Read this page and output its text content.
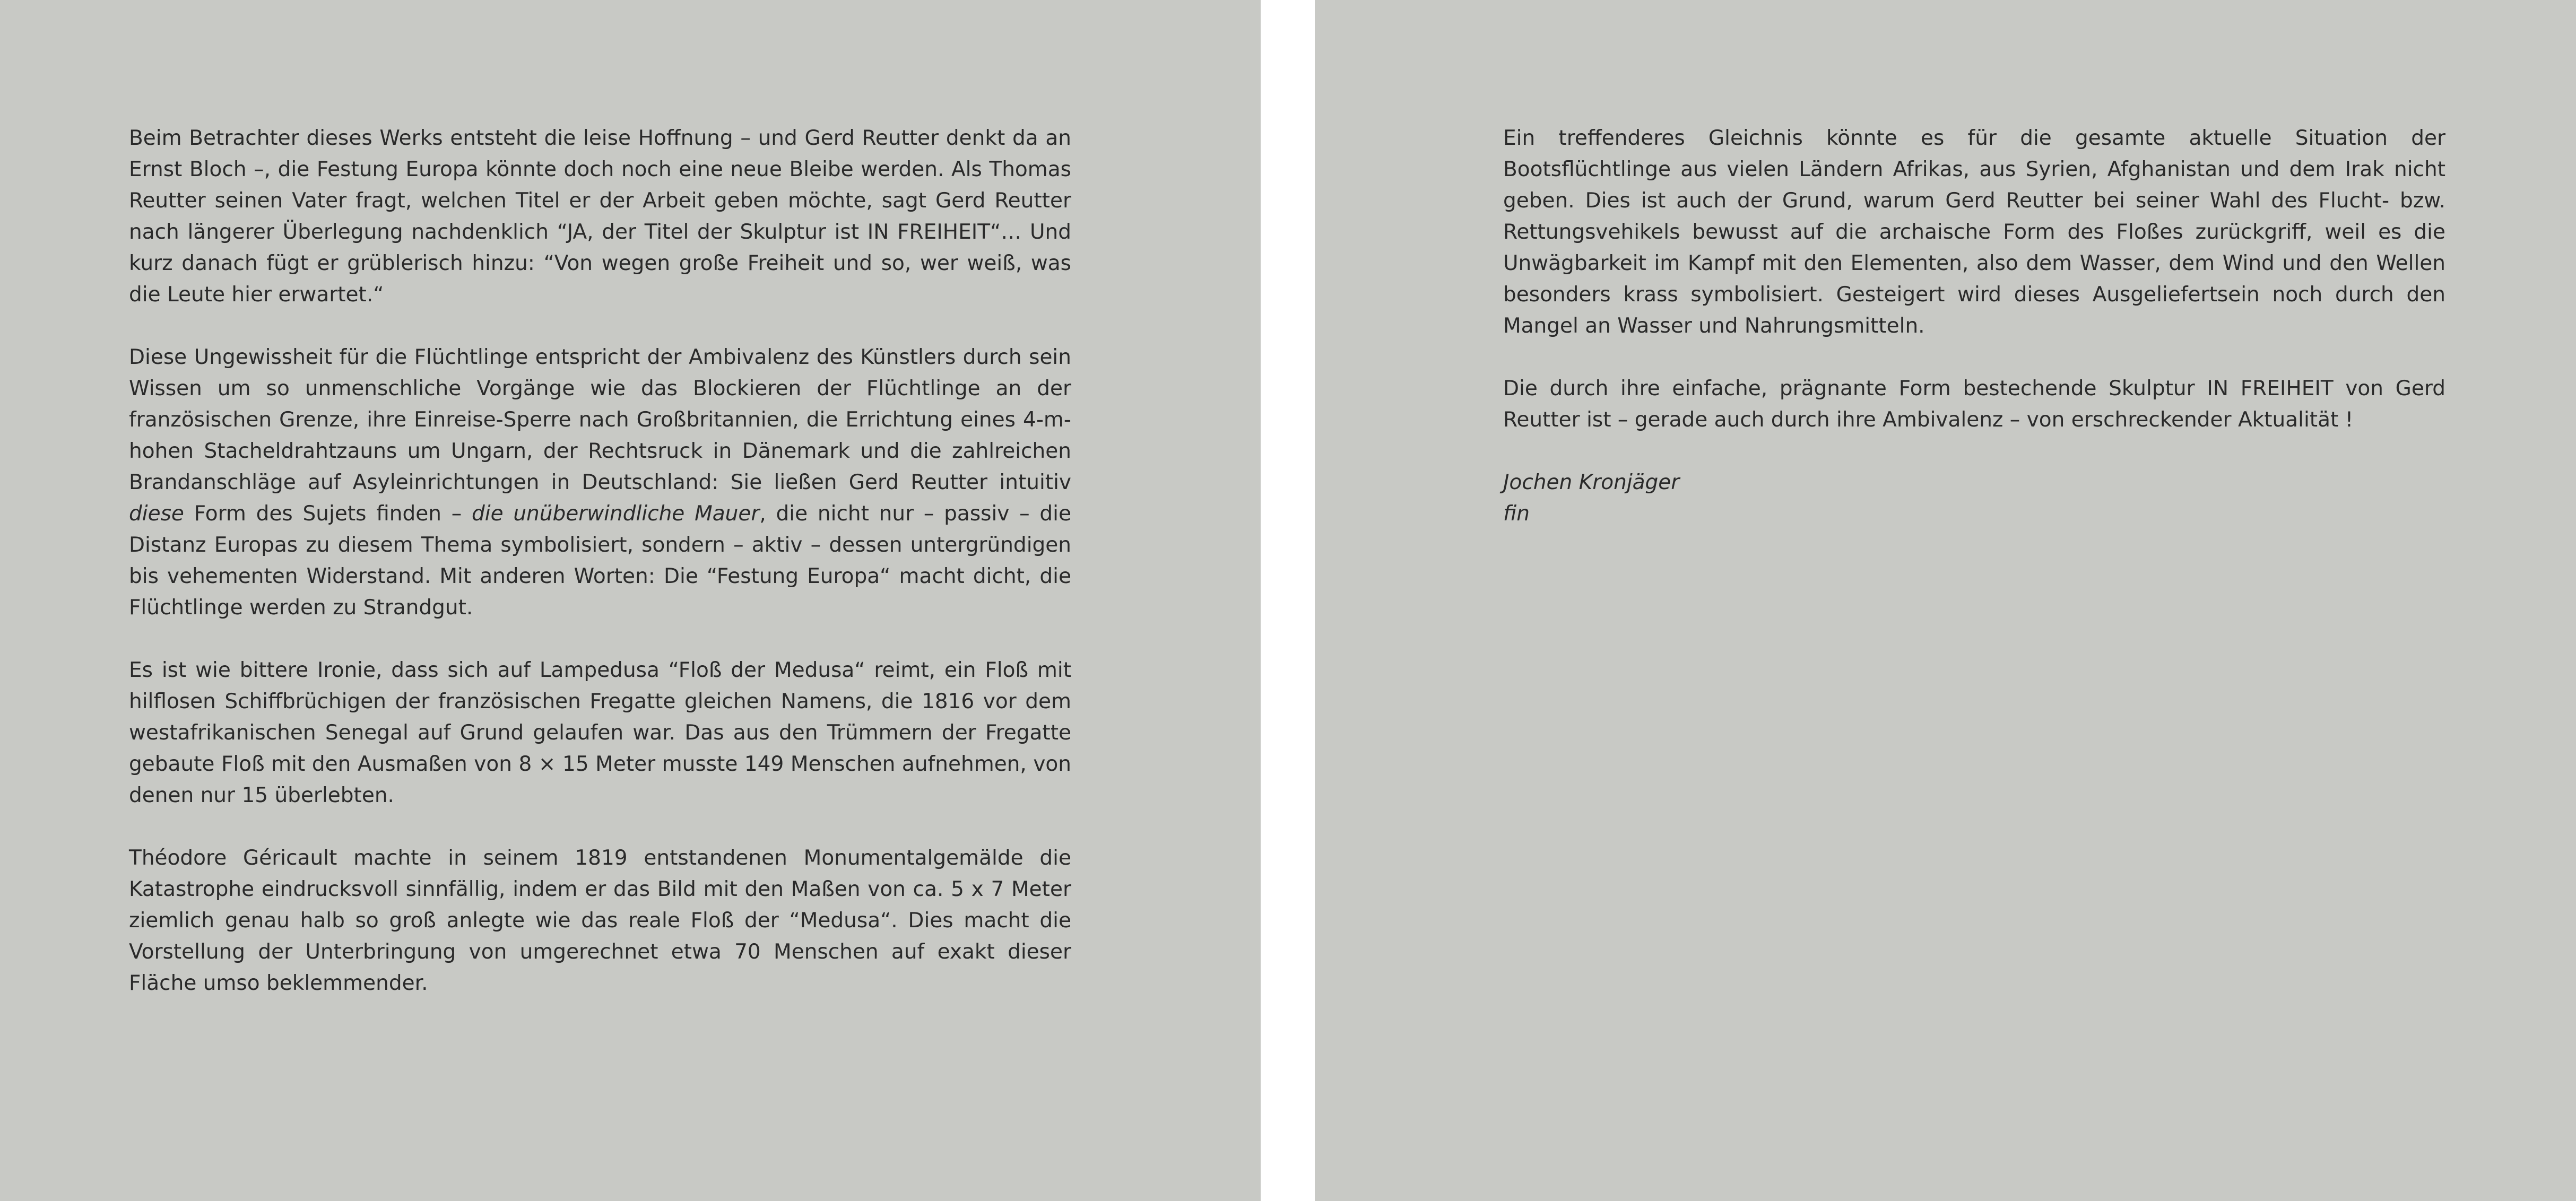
Beim Betrachter dieses Werks entsteht die leise Hoffnung – und Gerd Reutter denkt da an Ernst Bloch –, die Festung Europa könnte doch noch eine neue Bleibe werden. Als Thomas Reutter seinen Vater fragt, welchen Titel er der Arbeit geben möchte, sagt Gerd Reutter nach längerer Überlegung nachdenklich “JA, der Titel der Skulptur ist IN FREIHEIT“… Und kurz danach fügt er grüblerisch hinzu: “Von wegen große Freiheit und so, wer weiß, was die Leute hier erwartet.“

Diese Ungewissheit für die Flüchtlinge entspricht der Ambivalenz des Künstlers durch sein Wissen um so unmenschliche Vorgänge wie das Blockieren der Flüchtlinge an der französischen Grenze, ihre Einreise-Sperre nach Großbritannien, die Errichtung eines 4-m-hohen Stacheldrahtzauns um Ungarn, der Rechtsruck in Dänemark und die zahlreichen Brandanschläge auf Asyleinrichtungen in Deutschland: Sie ließen Gerd Reutter intuitiv diese Form des Sujets finden – die unüberwindliche Mauer, die nicht nur – passiv – die Distanz Europas zu diesem Thema symbolisiert, sondern – aktiv – dessen untergründigen bis vehementen Widerstand. Mit anderen Worten: Die “Festung Europa“ macht dicht, die Flüchtlinge werden zu Strandgut.

Es ist wie bittere Ironie, dass sich auf Lampedusa “Floß der Medusa“ reimt, ein Floß mit hilflosen Schiffbrüchigen der französischen Fregatte gleichen Namens, die 1816 vor dem westafrikanischen Senegal auf Grund gelaufen war. Das aus den Trümmern der Fregatte gebaute Floß mit den Ausmaßen von 8 × 15 Meter musste 149 Menschen aufnehmen, von denen nur 15 überlebten.

Théodore Géricault machte in seinem 1819 entstandenen Monumentalgemälde die Katastrophe eindrucksvoll sinnfällig, indem er das Bild mit den Maßen von ca. 5 x 7 Meter ziemlich genau halb so groß anlegte wie das reale Floß der “Medusa“. Dies macht die Vorstellung der Unterbringung von umgerechnet etwa 70 Menschen auf exakt dieser Fläche umso beklemmender.

Ein treffenderes Gleichnis könnte es für die gesamte aktuelle Situation der Bootsflüchtlinge aus vielen Ländern Afrikas, aus Syrien, Afghanistan und dem Irak nicht geben. Dies ist auch der Grund, warum Gerd Reutter bei seiner Wahl des Flucht- bzw. Rettungsvehikels bewusst auf die archaische Form des Floßes zurückgriff, weil es die Unwägbarkeit im Kampf mit den Elementen, also dem Wasser, dem Wind und den Wellen besonders krass symbolisiert. Gesteigert wird dieses Ausgeliefertsein noch durch den Mangel an Wasser und Nahrungsmitteln.

Die durch ihre einfache, prägnante Form bestechende Skulptur IN FREIHEIT von Gerd Reutter ist – gerade auch durch ihre Ambivalenz – von erschreckender Aktualität !

Jochen Kronjäger
fin
